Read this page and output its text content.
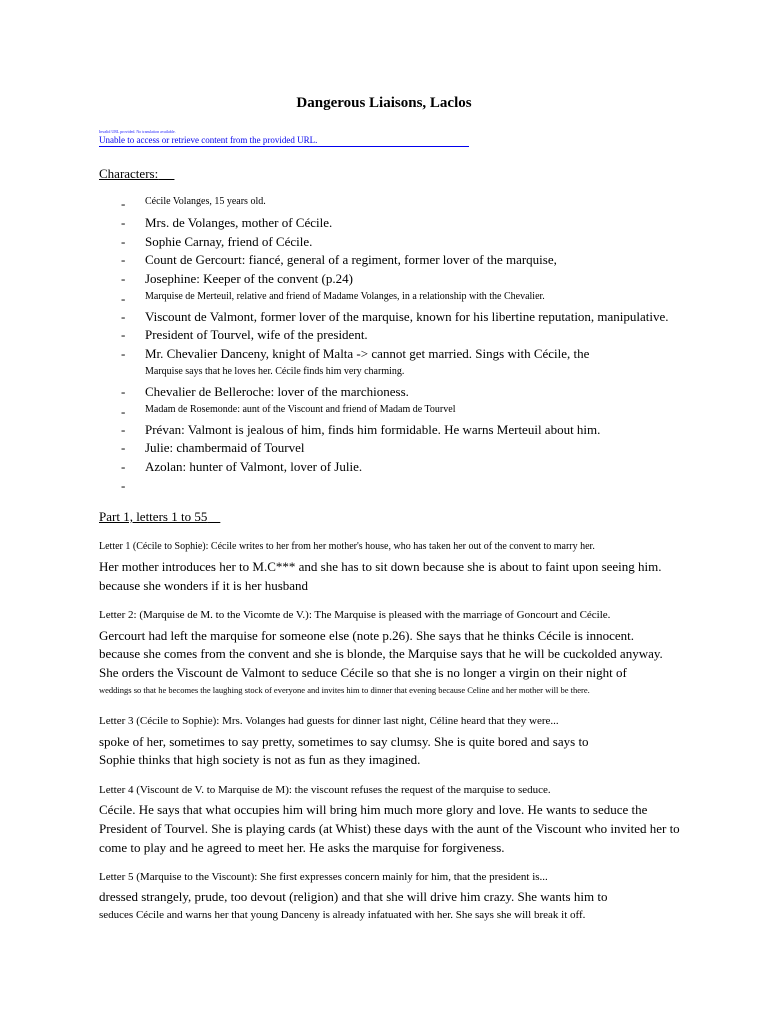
Dangerous Liaisons, Laclos
Invalid URL provided. No translation available.
Unable to access or retrieve content from the provided URL.
Characters:
- Cécile Volanges, 15 years old.
- Mrs. de Volanges, mother of Cécile.
- Sophie Carnay, friend of Cécile.
- Count de Gercourt: fiancé, general of a regiment, former lover of the marquise,
- Josephine: Keeper of the convent (p.24)
- Marquise de Merteuil, relative and friend of Madame Volanges, in a relationship with the Chevalier.
- Viscount de Valmont, former lover of the marquise, known for his libertine reputation, manipulative.
- President of Tourvel, wife of the president.
- Mr. Chevalier Danceny, knight of Malta -> cannot get married. Sings with Cécile, the
Marquise says that he loves her. Cécile finds him very charming.
- Chevalier de Belleroche: lover of the marchioness.
- Madam de Rosemonde: aunt of the Viscount and friend of Madam de Tourvel
- Prévan: Valmont is jealous of him, finds him formidable. He warns Merteuil about him.
- Julie: chambermaid of Tourvel
- Azolan: hunter of Valmont, lover of Julie.
-
Part 1, letters 1 to 55
Letter 1 (Cécile to Sophie): Cécile writes to her from her mother's house, who has taken her out of the convent to marry her.
Her mother introduces her to M.C*** and she has to sit down because she is about to faint upon seeing him.
because she wonders if it is her husband
Letter 2: (Marquise de M. to the Vicomte de V.): The Marquise is pleased with the marriage of Goncourt and Cécile.
Gercourt had left the marquise for someone else (note p.26). She says that he thinks Cécile is innocent.
because she comes from the convent and she is blonde, the Marquise says that he will be cuckolded anyway.
She orders the Viscount de Valmont to seduce Cécile so that she is no longer a virgin on their night of
weddings so that he becomes the laughing stock of everyone and invites him to dinner that evening because Celine and her mother will be there.
Letter 3 (Cécile to Sophie): Mrs. Volanges had guests for dinner last night, Céline heard that they were...
spoke of her, sometimes to say pretty, sometimes to say clumsy. She is quite bored and says to
Sophie thinks that high society is not as fun as they imagined.
Letter 4 (Viscount de V. to Marquise de M): the viscount refuses the request of the marquise to seduce.
Cécile. He says that what occupies him will bring him much more glory and love. He wants to seduce the
President of Tourvel. She is playing cards (at Whist) these days with the aunt of the Viscount who invited her to
come to play and he agreed to meet her. He asks the marquise for forgiveness.
Letter 5 (Marquise to the Viscount): She first expresses concern mainly for him, that the president is...
dressed strangely, prude, too devout (religion) and that she will drive him crazy. She wants him to
seduces Cécile and warns her that young Danceny is already infatuated with her. She says she will break it off.
